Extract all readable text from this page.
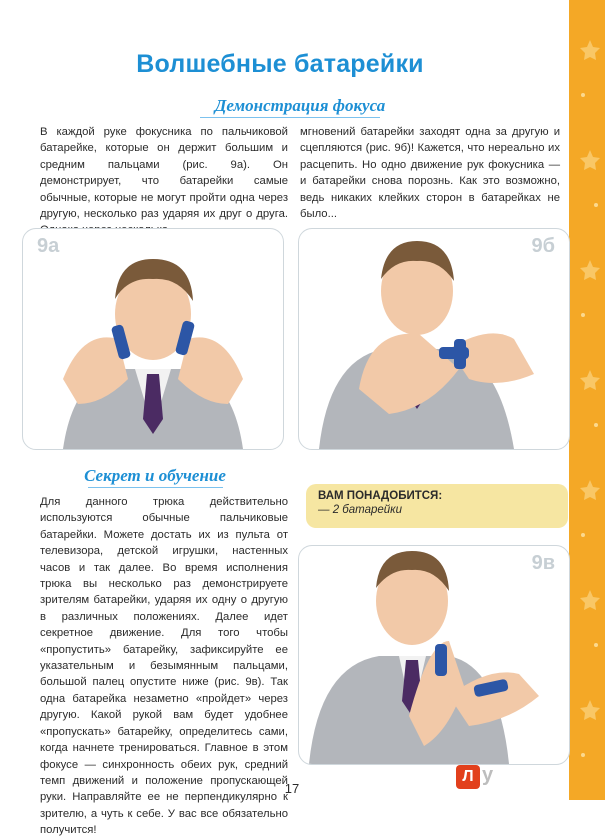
Волшебные батарейки
Демонстрация фокуса
В каждой руке фокусника по пальчиковой батарейке, которые он держит большим и средним пальцами (рис. 9а). Он демонстрирует, что батарейки самые обычные, которые не могут пройти одна через другую, несколько раз ударяя их друг о друга.
мгновений батарейки заходят одна за другую и сцепляются (рис. 9б)! Кажется, что нереально их расцепить. Но одно движение рук фокусника — и батарейки снова порознь. Как это возможно, ведь никаких клейких сторон в батарейках не было...
9а	9б
Секрет и обучение
Для данного трюка действительно используются обычные пальчиковые батарейки. Можете достать их из пульта от телевизора, детской игрушки, настенных часов и так далее. Во время исполнения трюка вы несколько раз демонстрируете зрителям батарейки, ударяя их одну о другую в различных положениях. Далее идет секретное движение. Для того чтобы «пропустить» батарейку, зафиксируйте ее указательным и безымянным пальцами, большой палец опустите ниже (рис. 9в). Так одна батарейка незаметно «пройдет» через другую. Какой рукой вам будет удобнее «пропускать» батарейку, определитесь сами, когда начнете тренироваться. Главное в этом фокусе — синхронность обеих рук, средний темп движений и положение пропускающей руки. Направляйте ее не перпендикулярно к зрителю, а чуть к себе. У вас все обязательно получится!
ВАМ ПОНАДОБИТСЯ:
— 2 батарейки
9в
17
Л y
